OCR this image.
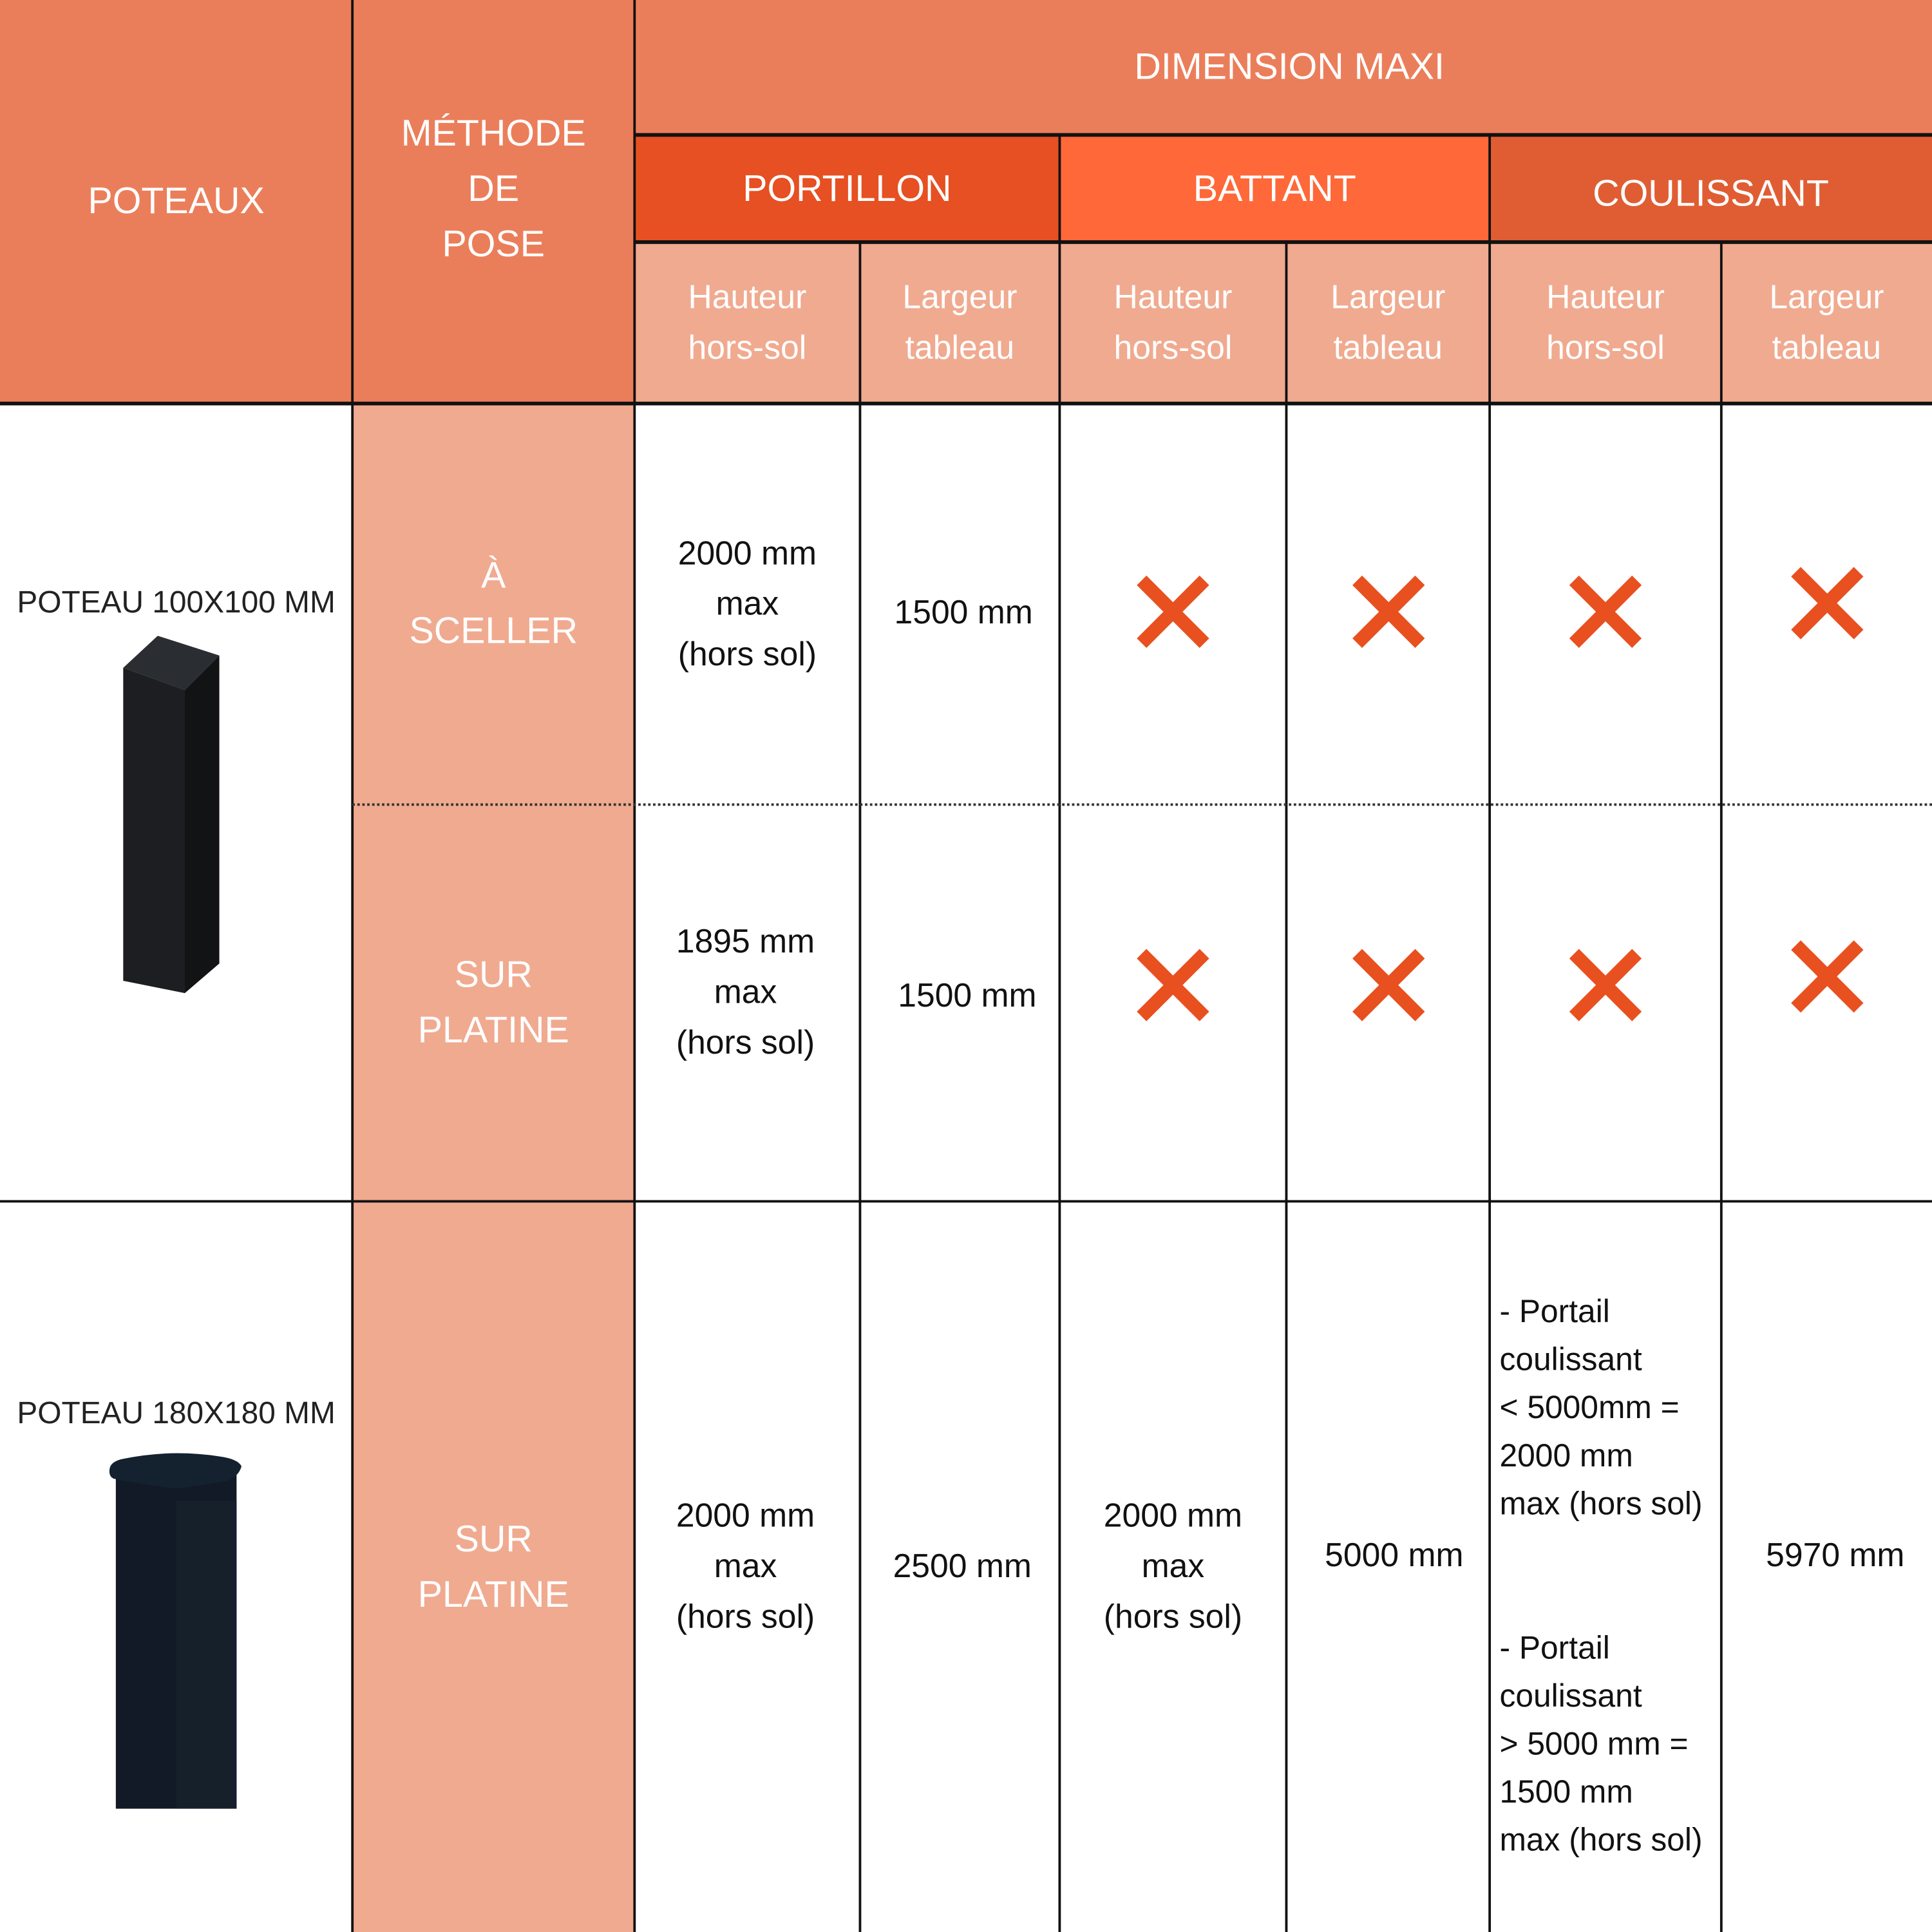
POTEAUX
MÉTHODE
DE
POSE
DIMENSION MAXI
PORTILLON	BATTANT	COULISSANT
Hauteur
hors-sol
Largeur
tableau
Hauteur
hors-sol
Largeur
tableau
Hauteur
hors-sol
Largeur
tableau
POTEAU 100X100 MM
À
SCELLER
2000 mm
max
(hors sol)
1500 mm
SUR
PLATINE
1895 mm
max
(hors sol)
1500 mm
POTEAU 180X180 MM
SUR
PLATINE
2000 mm
max
(hors sol)
2500 mm
2000 mm
max
(hors sol)
5000 mm
- Portail
coulissant
< 5000mm =
2000 mm
max (hors sol)
- Portail
coulissant
> 5000 mm =
1500 mm
max (hors sol)
5970 mm
